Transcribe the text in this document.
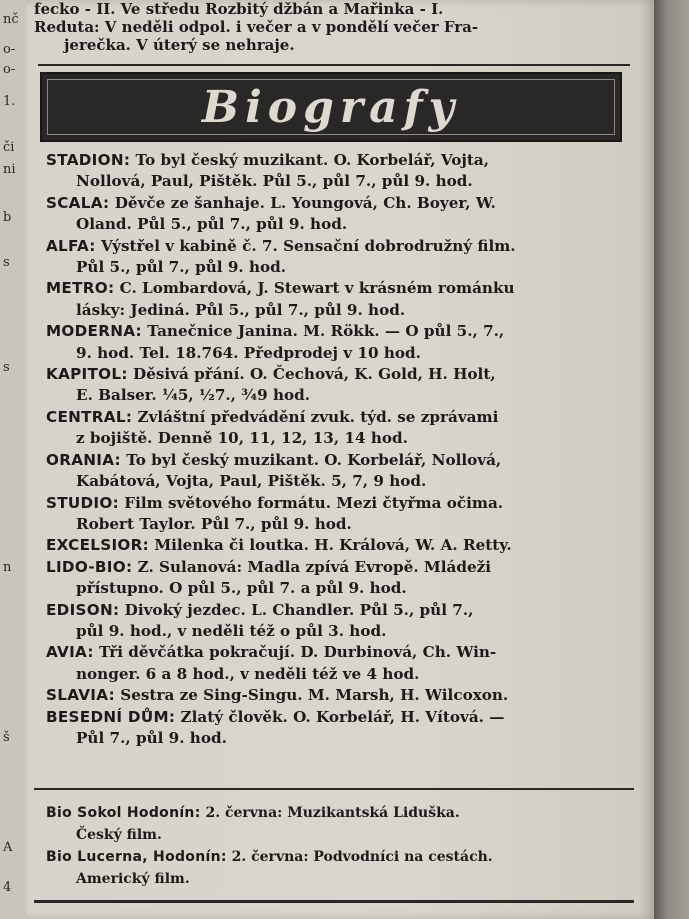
nč
o-
o-
1.
či
ni
b
s
s
n
š
A
4
fecko - II. Ve středu Rozbitý džbán a Mařinka - I.
Reduta: V neděli odpol. i večer a v pondělí večer Fra-
jerečka. V úterý se nehraje.
Biografy
STADION: To byl český muzikant. O. Korbelář, Vojta,
Nollová, Paul, Pištěk. Půl 5., půl 7., půl 9. hod.
SCALA: Děvče ze šanhaje. L. Youngová, Ch. Boyer, W.
Oland. Půl 5., půl 7., půl 9. hod.
ALFA: Výstřel v kabině č. 7. Sensační dobrodružný film.
Půl 5., půl 7., půl 9. hod.
METRO: C. Lombardová, J. Stewart v krásném románku
lásky: Jediná. Půl 5., půl 7., půl 9. hod.
MODERNA: Tanečnice Janina. M. Rökk. — O půl 5., 7.,
9. hod. Tel. 18.764. Předprodej v 10 hod.
KAPITOL: Děsivá přání. O. Čechová, K. Gold, H. Holt,
E. Balser. ¼5, ½7., ¾9 hod.
CENTRAL: Zvláštní předvádění zvuk. týd. se zprávami
z bojiště. Denně 10, 11, 12, 13, 14 hod.
ORANIA: To byl český muzikant. O. Korbelář, Nollová,
Kabátová, Vojta, Paul, Pištěk. 5, 7, 9 hod.
STUDIO: Film světového formátu. Mezi čtyřma očima.
Robert Taylor. Půl 7., půl 9. hod.
EXCELSIOR: Milenka či loutka. H. Králová, W. A. Retty.
LIDO-BIO: Z. Sulanová: Madla zpívá Evropě. Mládeži
přístupno. O půl 5., půl 7. a půl 9. hod.
EDISON: Divoký jezdec. L. Chandler. Půl 5., půl 7.,
půl 9. hod., v neděli též o půl 3. hod.
AVIA: Tři děvčátka pokračují. D. Durbinová, Ch. Win-
nonger. 6 a 8 hod., v neděli též ve 4 hod.
SLAVIA: Sestra ze Sing-Singu. M. Marsh, H. Wilcoxon.
BESEDNÍ DŮM: Zlatý člověk. O. Korbelář, H. Vítová. —
Půl 7., půl 9. hod.
Bio Sokol Hodonín: 2. června: Muzikantská Liduška.
Český film.
Bio Lucerna, Hodonín: 2. června: Podvodníci na cestách.
Americký film.
